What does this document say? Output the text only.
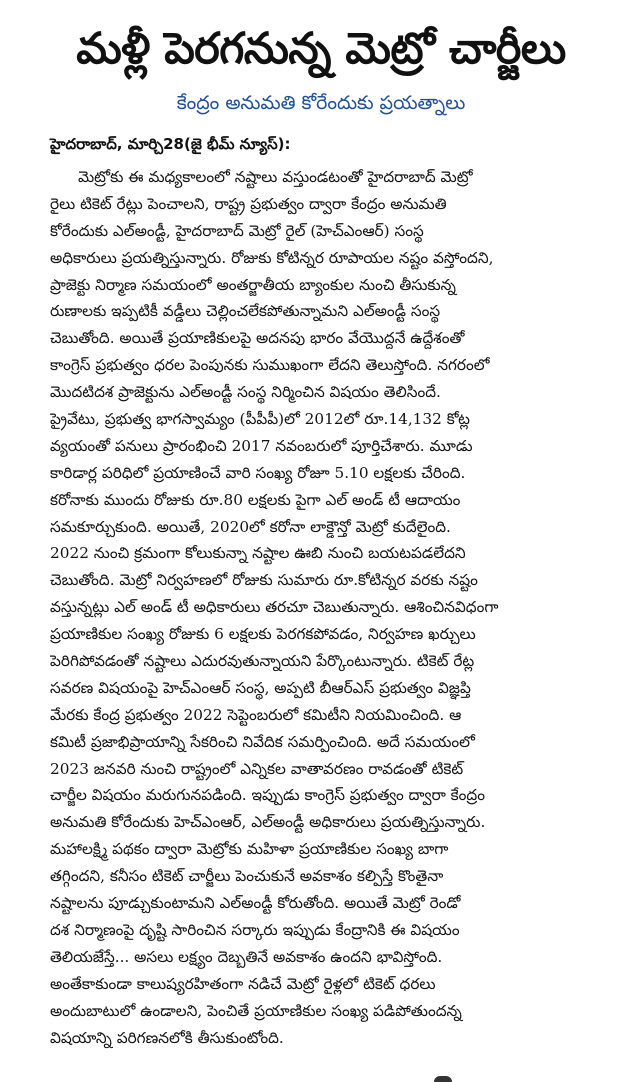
మళ్లీ పెరగనున్న మెట్రో చార్జీలు
కేంద్రం అనుమతి కోరేందుకు ప్రయత్నాలు
హైదరాబాద్, మార్చి28(జై భీమ్ న్యూస్):
మెట్రోకు ఈ మధ్యకాలంలో నష్టాలు వస్తుండటంతో హైదరాబాద్ మెట్రో
రైలు టికెట్ రేట్లు పెంచాలని, రాష్ట్ర ప్రభుత్వం ద్వారా కేంద్రం అనుమతి
కోరేందుకు ఎల్అండ్టీ, హైదరాబాద్ మెట్రో రైల్ (హెచ్ఎంఆర్) సంస్థ
అధికారులు ప్రయత్నిస్తున్నారు. రోజుకు కోటిన్నర రూపాయల నష్టం వస్తోందని,
ప్రాజెక్టు నిర్మాణ సమయంలో అంతర్జాతీయ బ్యాంకుల నుంచి తీసుకున్న
రుణాలకు ఇప్పటికీ వడ్డీలు చెల్లించలేకపోతున్నామని ఎల్అండ్టీ సంస్థ
చెబుతోంది. అయితే ప్రయాణికులపై అదనపు భారం వేయొద్దనే ఉద్దేశంతో
కాంగ్రెస్ ప్రభుత్వం ధరల పెంపునకు సుముఖంగా లేదని తెలుస్తోంది. నగరంలో
మొదటిదశ ప్రాజెక్టును ఎల్అండ్టీ సంస్థ నిర్మించిన విషయం తెలిసిందే.
ప్రైవేటు, ప్రభుత్వ భాగస్వామ్యం (పీపీపీ)లో 2012లో రూ.14,132 కోట్ల
వ్యయంతో పనులు ప్రారంభించి 2017 నవంబరులో పూర్తిచేశారు. మూడు
కారిడార్ల పరిధిలో ప్రయాణించే వారి సంఖ్య రోజూ 5.10 లక్షలకు చేరింది.
కరోనాకు ముందు రోజుకు రూ.80 లక్షలకు పైగా ఎల్ అండ్ టీ ఆదాయం
సమకూర్చుకుంది. అయితే, 2020లో కరోనా లాక్డౌన్తో మెట్రో కుదేలైంది.
2022 నుంచి క్రమంగా కోలుకున్నా నష్టాల ఊబి నుంచి బయటపడలేదని
చెబుతోంది. మెట్రో నిర్వహణలో రోజుకు సుమారు రూ.కోటిన్నర వరకు నష్టం
వస్తున్నట్లు ఎల్ అండ్ టీ అధికారులు తరచూ చెబుతున్నారు. ఆశించినవిధంగా
ప్రయాణికుల సంఖ్య రోజుకు 6 లక్షలకు పెరగకపోవడం, నిర్వహణ ఖర్చులు
పెరిగిపోవడంతో నష్టాలు ఎదురవుతున్నాయని పేర్కొంటున్నారు. టికెట్ రేట్ల
సవరణ విషయంపై హెచ్ఎంఆర్ సంస్థ, అప్పటి బీఆర్ఎస్ ప్రభుత్వం విజ్ఞప్తి
మేరకు కేంద్ర ప్రభుత్వం 2022 సెప్టెంబరులో కమిటీని నియమించింది. ఆ
కమిటీ ప్రజాభిప్రాయాన్ని సేకరించి నివేదిక సమర్పించింది. అదే సమయంలో
2023 జనవరి నుంచి రాష్ట్రంలో ఎన్నికల వాతావరణం రావడంతో టికెట్
చార్జీల విషయం మరుగునపడింది. ఇప్పుడు కాంగ్రెస్ ప్రభుత్వం ద్వారా కేంద్రం
అనుమతి కోరేందుకు హెచ్ఎంఆర్, ఎల్అండ్టీ అధికారులు ప్రయత్నిస్తున్నారు.
మహాలక్ష్మి పథకం ద్వారా మెట్రోకు మహిళా ప్రయాణికుల సంఖ్య బాగా
తగ్గిందని, కనీసం టికెట్ చార్జీలు పెంచుకునే అవకాశం కల్పిస్తే కొంతైనా
నష్టాలను పూడ్చుకుంటామని ఎల్అండ్టీ కోరుతోంది. అయితే మెట్రో రెండో
దశ నిర్మాణంపై దృష్టి సారించిన సర్కారు ఇప్పుడు కేంద్రానికి ఈ విషయం
తెలియజేస్తే... అసలు లక్ష్యం దెబ్బతినే అవకాశం ఉందని భావిస్తోంది.
అంతేకాకుండా కాలుష్యరహితంగా నడిచే మెట్రో రైళ్లలో టికెట్ ధరలు
అందుబాటులో ఉండాలని, పెంచితే ప్రయాణికుల సంఖ్య పడిపోతుందన్న
విషయాన్ని పరిగణనలోకి తీసుకుంటోంది.
